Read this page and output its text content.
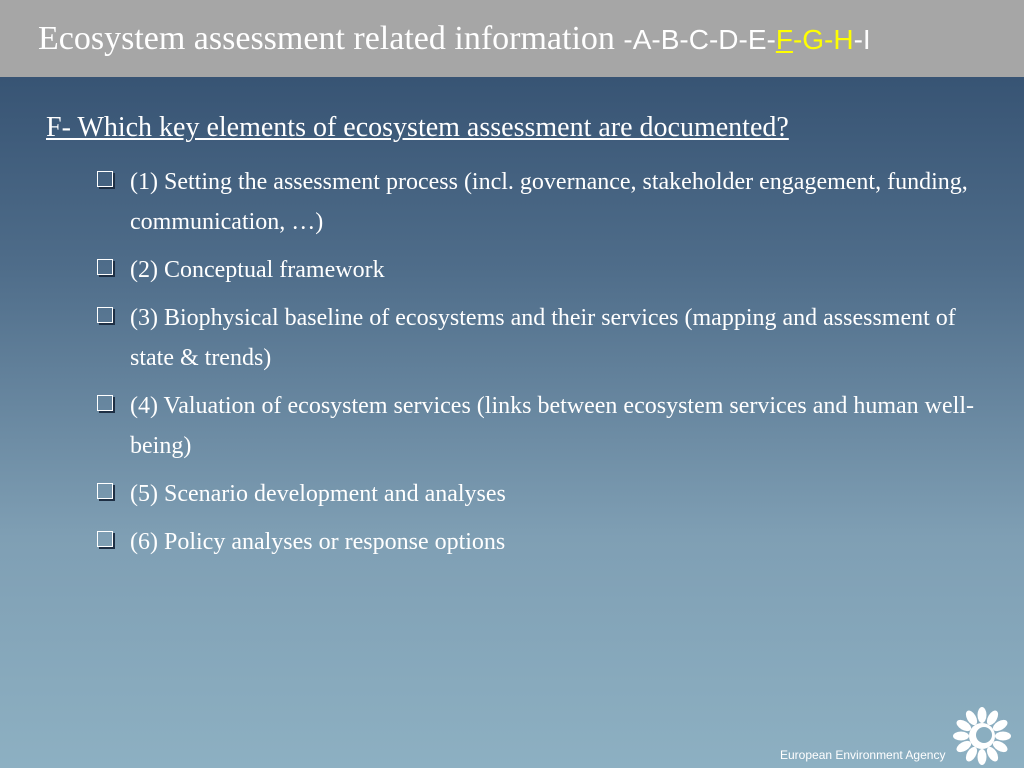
Ecosystem assessment related information -A-B-C-D-E-F-G-H-I
F- Which key elements of ecosystem assessment are documented?
(1) Setting the assessment process (incl. governance, stakeholder engagement, funding, communication, …)
(2) Conceptual framework
(3) Biophysical baseline of ecosystems and their services (mapping and assessment of state & trends)
(4) Valuation of ecosystem services (links between ecosystem services and human well-being)
(5) Scenario development and analyses
(6) Policy analyses or response options
European Environment Agency
